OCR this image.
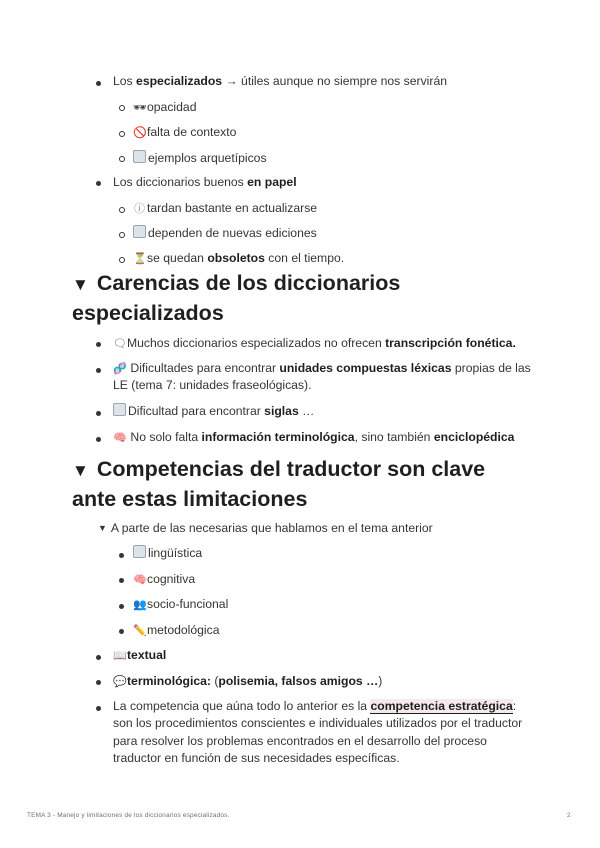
Los especializados → útiles aunque no siempre nos servirán
🕶opacidad
🚫falta de contexto
ejemplos arquetípicos
Los diccionarios buenos en papel
ⓘ tardan bastante en actualizarse
dependen de nuevas ediciones
⏳se quedan obsoletos con el tiempo.
▼ Carencias de los diccionarios
especializados
🗨Muchos diccionarios especializados no ofrecen transcripción fonética.
🧬 Dificultades para encontrar unidades compuestas léxicas propias de las
LE (tema 7: unidades fraseológicas).
Dificultad para encontrar siglas …
🧠 No solo falta información terminológica, sino también enciclopédica
▼ Competencias del traductor son clave
ante estas limitaciones
▼ A parte de las necesarias que hablamos en el tema anterior
lingüística
🧠cognitiva
👥socio-funcional
✏️metodológica
📖textual
💬terminológica: (polisemia, falsos amigos …)
La competencia que aúna todo lo anterior es la competencia estratégica:
son los procedimientos conscientes e individuales utilizados por el traductor
para resolver los problemas encontrados en el desarrollo del proceso
traductor en función de sus necesidades específicas.
TEMA 3 - Manejo y limitaciones de los diccionarios especializados.	2
